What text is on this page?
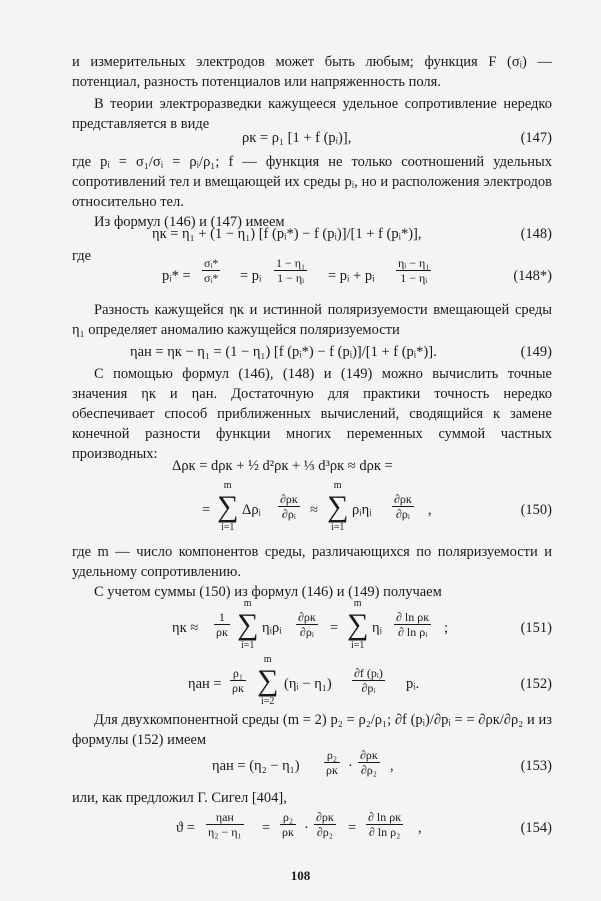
и измерительных электродов может быть любым; функция F (σᵢ) — потенциал, разность потенциалов или напряженность поля.
В теории электроразведки кажущееся удельное сопротивление нередко представляется в виде
ρк = ρ₁ [1 + f (pᵢ)],	(147)
где pᵢ = σ₁/σᵢ = ρᵢ/ρ₁; f — функция не только соотношений удельных сопротивлений тел и вмещающей их среды pᵢ, но и расположения электродов относительно тел.
Из формул (146) и (147) имеем
ηк = η₁ + (1 − η₁) [f (pᵢ*) − f (pᵢ)]/[1 + f (pᵢ*)],	(148)
где
pᵢ* = $\frac{\text{σᵢ*}}{\text{σᵢ*}}$ = pᵢ $\frac{\text{1 − η₁}}{\text{1 − ηᵢ}}$ = pᵢ + pᵢ $\frac{\text{ηᵢ − η₁}}{\text{1 − ηᵢ}}$	(148*)
Разность кажущейся ηк и истинной поляризуемости вмещающей среды η₁ определяет аномалию кажущейся поляризуемости
ηан = ηк − η₁ = (1 − η₁) [f (pᵢ*) − f (pᵢ)]/[1 + f (pᵢ*)].	(149)
С помощью формул (146), (148) и (149) можно вычислить точные значения ηк и ηан. Достаточную для практики точность нередко обеспечивает способ приближенных вычислений, сводящийся к замене конечной разности функции многих переменных суммой частных производных:
Δρк = dρк + ½ d²ρк + ⅓ d³ρк ≈ dρк =
=
m
∑
i=1
Δρᵢ $\frac{\partial\rho к}{\text{∂ρᵢ}}$ ≈
m
∑
i=1
ρᵢηᵢ $\frac{\partial\rho к}{\text{∂ρᵢ}}$ ,	(150)
где m — число компонентов среды, различающихся по поляризуемости и удельному сопротивлению.
С учетом суммы (150) из формул (146) и (149) получаем
$\eta к \approx \frac{1}{\rho к}$
m
∑
i=1
ηᵢρᵢ $\frac{\partial\rho к}{\text{∂ρᵢ}}$ =
m
∑
i=1
ηᵢ $\frac{\text{∂ ln ρк}}{\text{∂ ln ρᵢ}}$ ;	(151)
$\eta ан = \frac{\text{ρ₁}}{\rho к}$
m
∑
i=2
(ηᵢ − $\eta_1) \frac{\text{∂f (pᵢ)}}{\text{∂pᵢ}}$ pᵢ.	(152)
Для двухкомпонентной среды (m = 2) p₂ = ρ₂/ρ₁; ∂f (pᵢ)/∂pᵢ = = ∂ρк/∂ρ₂ и из формулы (152) имеем
$\eta ан = (\eta_2 - \eta_1) \frac{\text{ρ₂}}{\rho к} \cdot \frac{\partial\rho к}{\text{∂ρ₂}}$ ,	(153)
или, как предложил Г. Сигел [404],
$ϑ = \frac{\text{ηан}}{\text{η₂ − η₁}} = \frac{\text{ρ₂}}{\rho к} \cdot \frac{\partial\rho к}{\text{∂ρ₂}} = \frac{\text{∂ ln ρк}}{\text{∂ ln ρ₂}}$ ,	(154)
108
